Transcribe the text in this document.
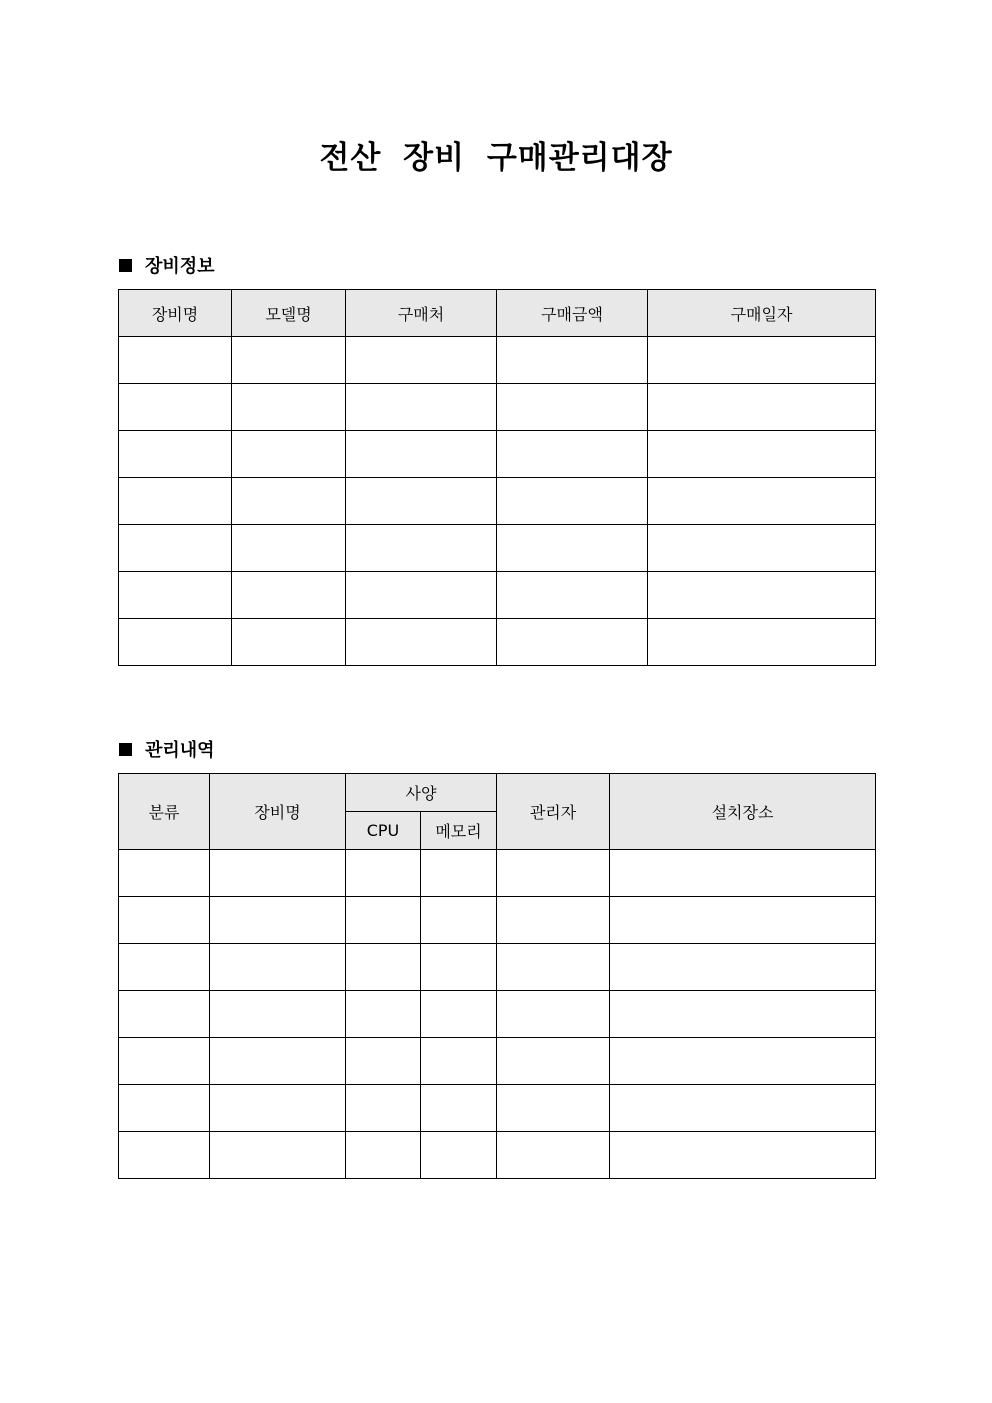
전산 장비 구매관리대장
장비정보
장비명	모델명	구매처	구매금액	구매일자

관리내역
분류	장비명	사양		관리자	설치장소
		CPU	메모리		
